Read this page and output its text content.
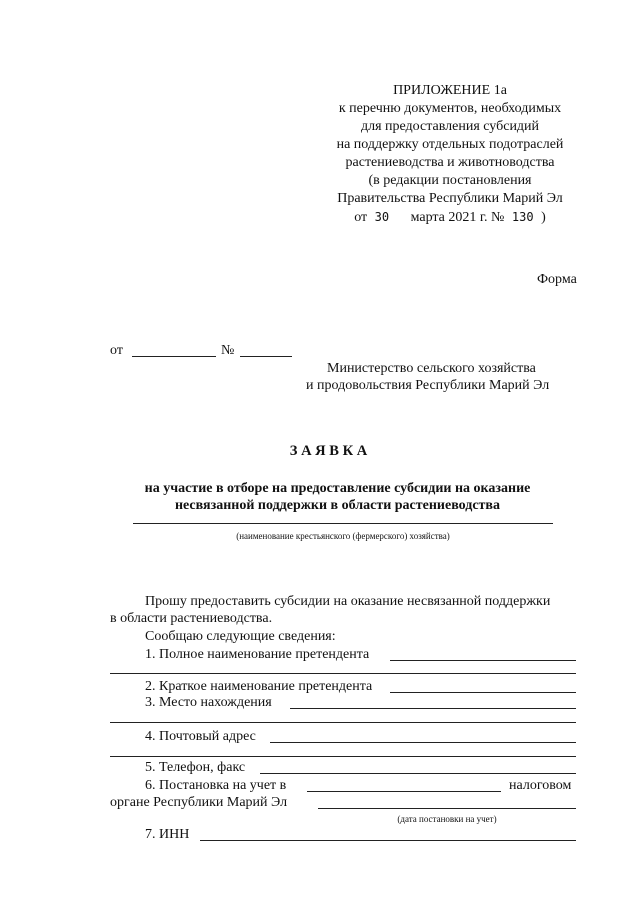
ПРИЛОЖЕНИЕ 1а
к перечню документов, необходимых
для предоставления субсидий
на поддержку отдельных подотраслей
растениеводства и животноводства
(в редакции постановления
Правительства Республики Марий Эл
от 30 марта 2021 г. № 130 )
Форма
от	№
Министерство сельского хозяйства
и продовольствия Республики Марий Эл
З А Я В К А
на участие в отборе на предоставление субсидии на оказание
несвязанной поддержки в области растениеводства
(наименование крестьянского (фермерского) хозяйства)
Прошу предоставить субсидии на оказание несвязанной поддержки
в области растениеводства.
Сообщаю следующие сведения:
1. Полное наименование претендента
2. Краткое наименование претендента
3. Место нахождения
4. Почтовый адрес
5. Телефон, факс
6. Постановка на учет в	налоговом
органе Республики Марий Эл
(дата постановки на учет)
7. ИНН
